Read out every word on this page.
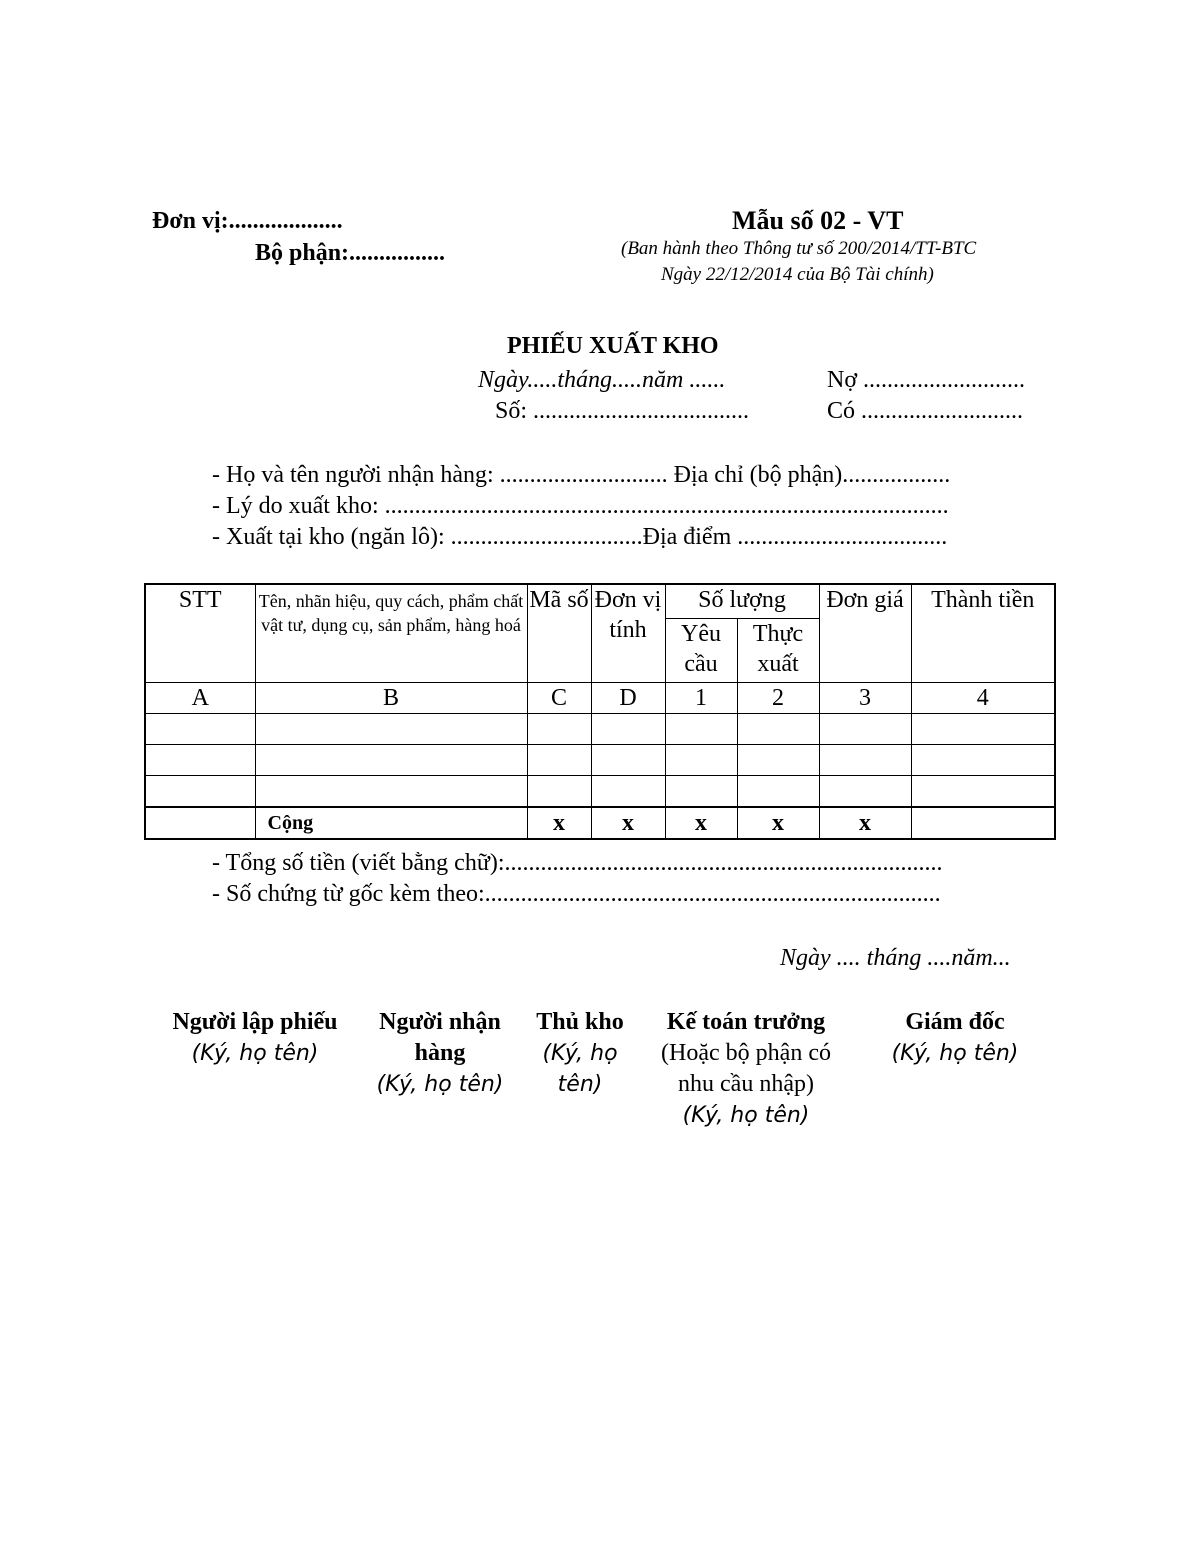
Đơn vị:...................
Bộ phận:................
Mẫu số 02 - VT
(Ban hành theo Thông tư số 200/2014/TT-BTC
Ngày 22/12/2014 của Bộ Tài chính)
PHIẾU XUẤT KHO
Ngày.....tháng.....năm ......
Số: ....................................
Nợ ...........................
Có ...........................
- Họ và tên người nhận hàng: ............................ Địa chỉ (bộ phận)..................
- Lý do xuất kho: ..............................................................................................
- Xuất tại kho (ngăn lô): ................................Địa điểm ...................................
STT	Tên, nhãn hiệu, quy cách, phẩm chất vật tư, dụng cụ, sản phẩm, hàng hoá	Mã số	Đơn vị tính	Số lượng		Đơn giá	Thành tiền
				Yêu cầu	Thực xuất		
A	B	C	D	1	2	3	4

	Cộng	x	x	x	x	x	
- Tổng số tiền (viết bằng chữ):.........................................................................
- Số chứng từ gốc kèm theo:............................................................................
Ngày .... tháng ....năm...
Người lập phiếu
(Ký, họ tên)
Người nhận hàng
(Ký, họ tên)
Thủ kho
(Ký, họ tên)
Kế toán trưởng
(Hoặc bộ phận có nhu cầu nhập)
(Ký, họ tên)
Giám đốc
(Ký, họ tên)
